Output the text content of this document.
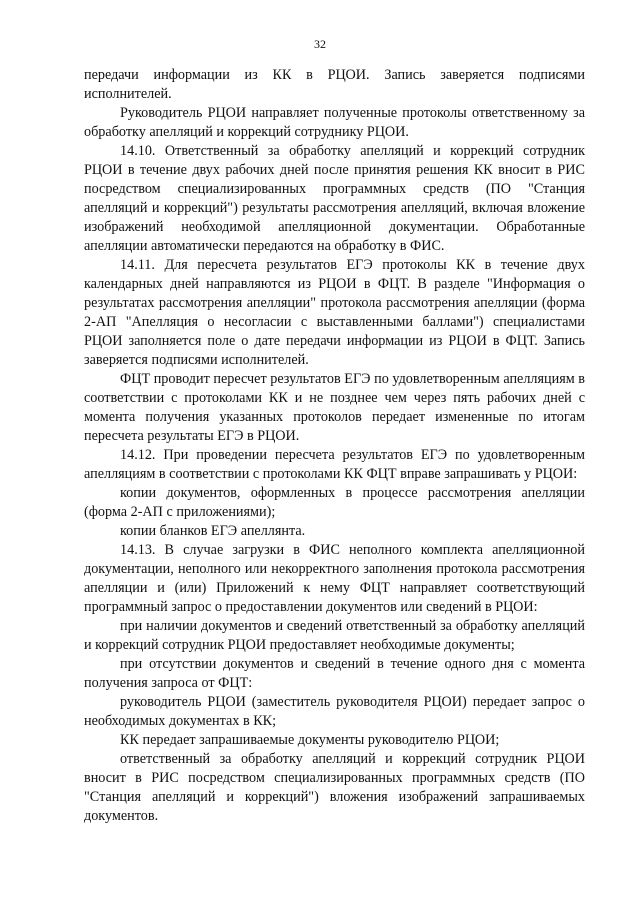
32

передачи информации из КК в РЦОИ. Запись заверяется подписями исполнителей.

Руководитель РЦОИ направляет полученные протоколы ответственному за обработку апелляций и коррекций сотруднику РЦОИ.

14.10. Ответственный за обработку апелляций и коррекций сотрудник РЦОИ в течение двух рабочих дней после принятия решения КК вносит в РИС посредством специализированных программных средств (ПО "Станция апелляций и коррекций") результаты рассмотрения апелляций, включая вложение изображений необходимой апелляционной документации. Обработанные апелляции автоматически передаются на обработку в ФИС.

14.11. Для пересчета результатов ЕГЭ протоколы КК в течение двух календарных дней направляются из РЦОИ в ФЦТ. В разделе "Информация о результатах рассмотрения апелляции" протокола рассмотрения апелляции (форма 2-АП "Апелляция о несогласии с выставленными баллами") специалистами РЦОИ заполняется поле о дате передачи информации из РЦОИ в ФЦТ. Запись заверяется подписями исполнителей.

ФЦТ проводит пересчет результатов ЕГЭ по удовлетворенным апелляциям в соответствии с протоколами КК и не позднее чем через пять рабочих дней с момента получения указанных протоколов передает измененные по итогам пересчета результаты ЕГЭ в РЦОИ.

14.12. При проведении пересчета результатов ЕГЭ по удовлетворенным апелляциям в соответствии с протоколами КК ФЦТ вправе запрашивать у РЦОИ:

копии документов, оформленных в процессе рассмотрения апелляции (форма 2-АП с приложениями);

копии бланков ЕГЭ апеллянта.

14.13. В случае загрузки в ФИС неполного комплекта апелляционной документации, неполного или некорректного заполнения протокола рассмотрения апелляции и (или) Приложений к нему ФЦТ направляет соответствующий программный запрос о предоставлении документов или сведений в РЦОИ:

при наличии документов и сведений ответственный за обработку апелляций и коррекций сотрудник РЦОИ предоставляет необходимые документы;

при отсутствии документов и сведений в течение одного дня с момента получения запроса от ФЦТ:

руководитель РЦОИ (заместитель руководителя РЦОИ) передает запрос о необходимых документах в КК;

КК передает запрашиваемые документы руководителю РЦОИ;

ответственный за обработку апелляций и коррекций сотрудник РЦОИ вносит в РИС посредством специализированных программных средств (ПО "Станция апелляций и коррекций") вложения изображений запрашиваемых документов.
